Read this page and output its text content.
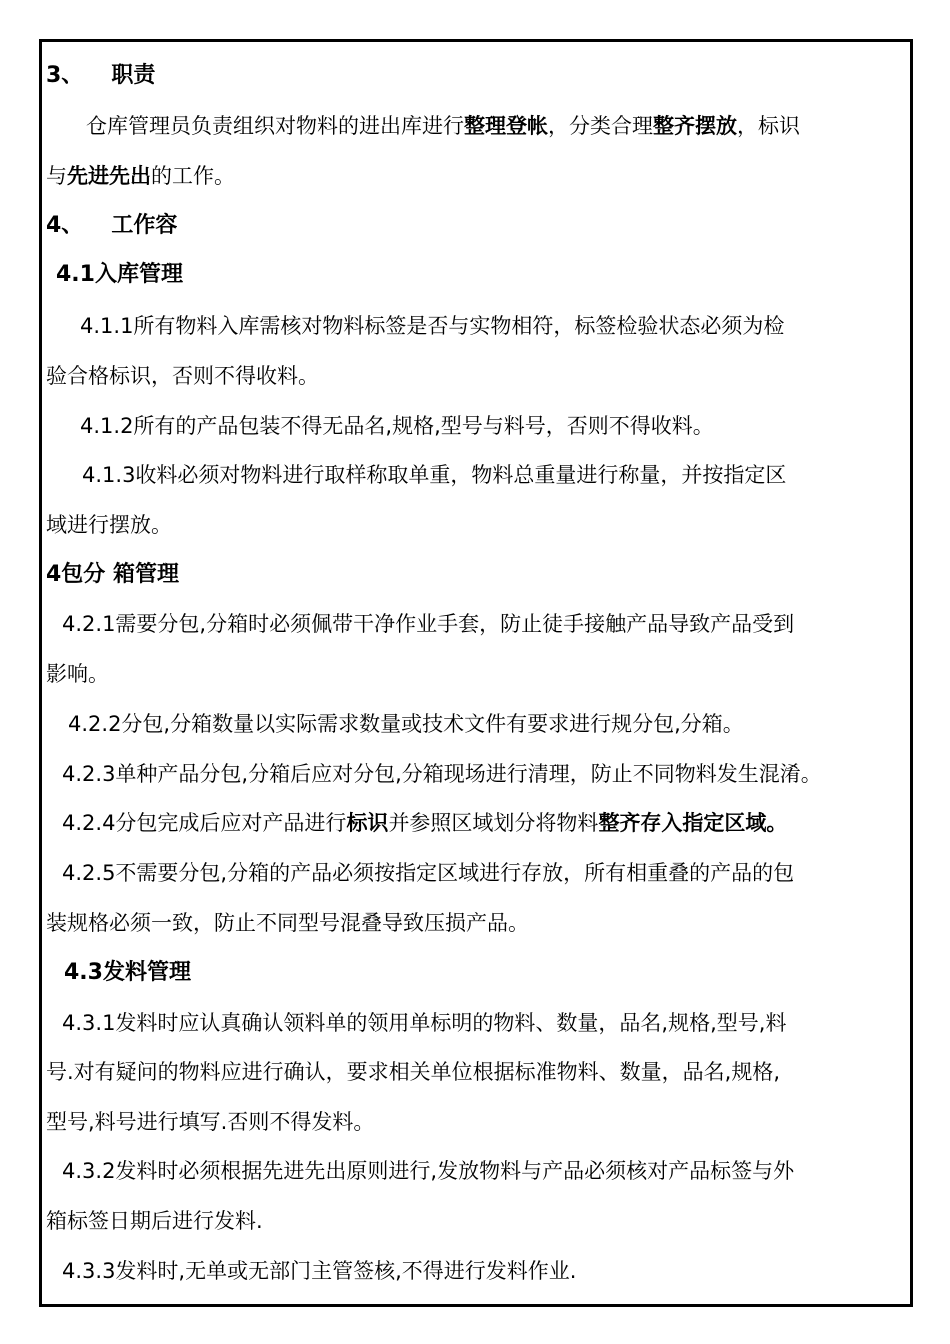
3、 职责
仓库管理员负责组织对物料的进出库进行整理登帐，分类合理整齐摆放，标识
与先进先出的工作。
4、 工作容
4.1入库管理
4.1.1所有物料入库需核对物料标签是否与实物相符，标签检验状态必须为检
验合格标识，否则不得收料。
4.1.2所有的产品包装不得无品名,规格,型号与料号，否则不得收料。
4.1.3收料必须对物料进行取样称取单重，物料总重量进行称量，并按指定区
域进行摆放。
4包分 箱管理
4.2.1需要分包,分箱时必须佩带干净作业手套，防止徒手接触产品导致产品受到
影响。
4.2.2分包,分箱数量以实际需求数量或技术文件有要求进行规分包,分箱。
4.2.3单种产品分包,分箱后应对分包,分箱现场进行清理，防止不同物料发生混淆。
4.2.4分包完成后应对产品进行标识并参照区域划分将物料整齐存入指定区域。
4.2.5不需要分包,分箱的产品必须按指定区域进行存放，所有相重叠的产品的包
装规格必须一致，防止不同型号混叠导致压损产品。
4.3发料管理
4.3.1发料时应认真确认领料单的领用单标明的物料、数量，品名,规格,型号,料
号.对有疑问的物料应进行确认，要求相关单位根据标准物料、数量，品名,规格,
型号,料号进行填写.否则不得发料。
4.3.2发料时必须根据先进先出原则进行,发放物料与产品必须核对产品标签与外
箱标签日期后进行发料.
4.3.3发料时,无单或无部门主管签核,不得进行发料作业.
